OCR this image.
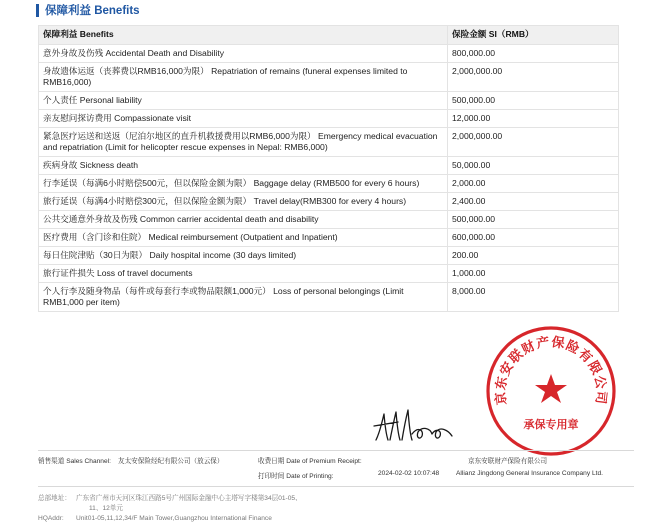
保障利益 Benefits
保障利益 Benefits	保险金额 SI（RMB）
意外身故及伤残 Accidental Death and Disability	800,000.00
身故遗体运返（丧葬费以RMB16,000为限） Repatriation of remains (funeral expenses limited to RMB16,000)	2,000,000.00
个人责任 Personal liability	500,000.00
亲友慰问探访费用 Compassionate visit	12,000.00
紧急医疗运送和送返（尼泊尔地区的直升机救援费用以RMB6,000为限） Emergency medical evacuation and repatriation (Limit for helicopter rescue expenses in Nepal: RMB6,000)	2,000,000.00
疾病身故 Sickness death	50,000.00
行李延误（每满6小时赔偿500元，但以保险金额为限） Baggage delay (RMB500 for every 6 hours)	2,000.00
旅行延误（每满4小时赔偿300元，但以保险金额为限） Travel delay(RMB300 for every 4 hours)	2,400.00
公共交通意外身故及伤残 Common carrier accidental death and disability	500,000.00
医疗费用（含门诊和住院） Medical reimbursement (Outpatient and Inpatient)	600,000.00
每日住院津贴（30日为限） Daily hospital income (30 days limited)	200.00
旅行证件损失 Loss of travel documents	1,000.00
个人行李及随身物品（每件或每套行李或物品限额1,000元） Loss of personal belongings (Limit RMB1,000 per item)	8,000.00
京东安联财产保险有限公司
承保专用章
销售渠道 Sales Channel: 友太安保险经纪有限公司（放云保）	收费日期 Date of Premium Receipt:
打印时间 Date of Printing:	2024-02-02 10:07:48
京东安联财产保险有限公司
Allianz Jingdong General Insurance Company Ltd.
总部地址： 广东省广州市天河区珠江西路5号广州国际金融中心主塔写字楼第34层01-05、
11、12单元
HQAddr: Unit01-05,11,12,34/F Main Tower,Guangzhou International Finance
